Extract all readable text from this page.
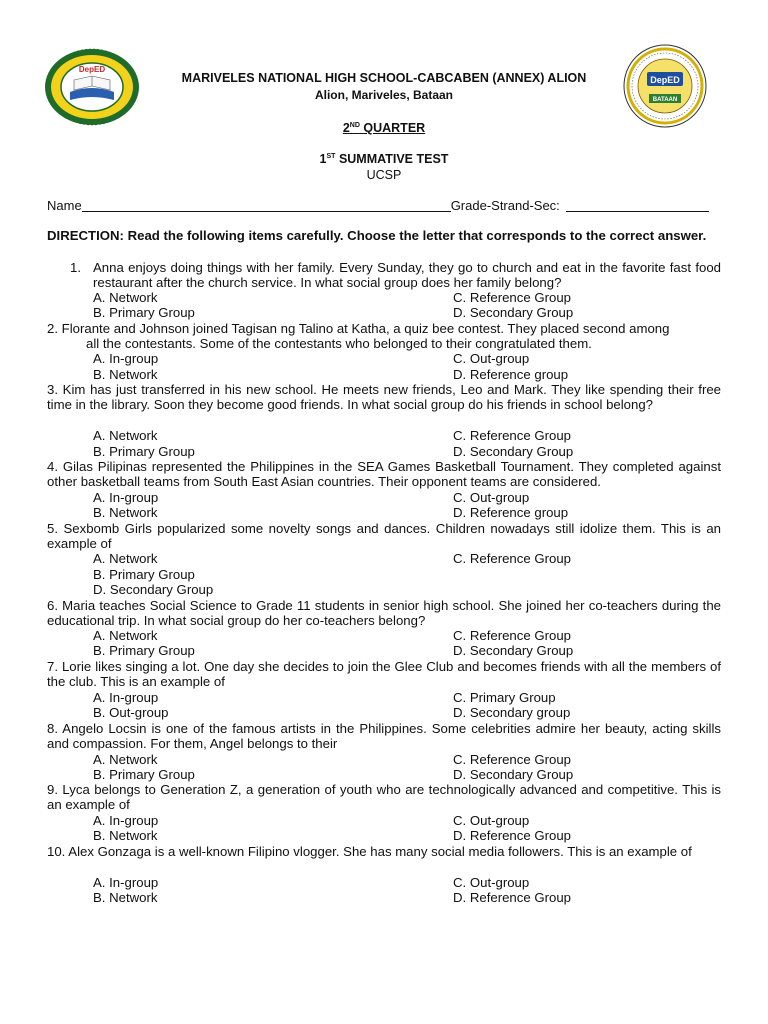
DepED
DepED
BATAAN
MARIVELES NATIONAL HIGH SCHOOL-CABCABEN (ANNEX) ALION
Alion, Mariveles, Bataan
2ND QUARTER
1ST SUMMATIVE TEST
UCSP
Name	Grade-Strand-Sec:
DIRECTION: Read the following items carefully. Choose the letter that corresponds to the correct answer.
1. Anna enjoys doing things with her family. Every Sunday, they go to church and eat in the favorite fast food restaurant after the church service. In what social group does her family belong?
A. Network	C. Reference Group
B. Primary Group	D. Secondary Group
2. Florante and Johnson joined Tagisan ng Talino at Katha, a quiz bee contest. They placed second among
all the contestants. Some of the contestants who belonged to their congratulated them.
A. In-group	C. Out-group
B. Network	D. Reference group
3. Kim has just transferred in his new school. He meets new friends, Leo and Mark. They like spending their free time in the library. Soon they become good friends. In what social group do his friends in school belong?
A. Network	C. Reference Group
B. Primary Group	D. Secondary Group
4. Gilas Pilipinas represented the Philippines in the SEA Games Basketball Tournament. They completed against other basketball teams from South East Asian countries. Their opponent teams are considered.
A. In-group	C. Out-group
B. Network	D. Reference group
5. Sexbomb Girls popularized some novelty songs and dances. Children nowadays still idolize them. This is an example of
A. Network	C. Reference Group
B. Primary Group
D. Secondary Group
6. Maria teaches Social Science to Grade 11 students in senior high school. She joined her co-teachers during the educational trip. In what social group do her co-teachers belong?
A. Network	C. Reference Group
B. Primary Group	D. Secondary Group
7. Lorie likes singing a lot. One day she decides to join the Glee Club and becomes friends with all the members of the club. This is an example of
A. In-group	C. Primary Group
B. Out-group	D. Secondary group
8. Angelo Locsin is one of the famous artists in the Philippines. Some celebrities admire her beauty, acting skills and compassion. For them, Angel belongs to their
A. Network	C. Reference Group
B. Primary Group	D. Secondary Group
9. Lyca belongs to Generation Z, a generation of youth who are technologically advanced and competitive. This is an example of
A. In-group	C. Out-group
B. Network	D. Reference Group
10. Alex Gonzaga is a well-known Filipino vlogger. She has many social media followers. This is an example of
A. In-group	C. Out-group
B. Network	D. Reference Group
